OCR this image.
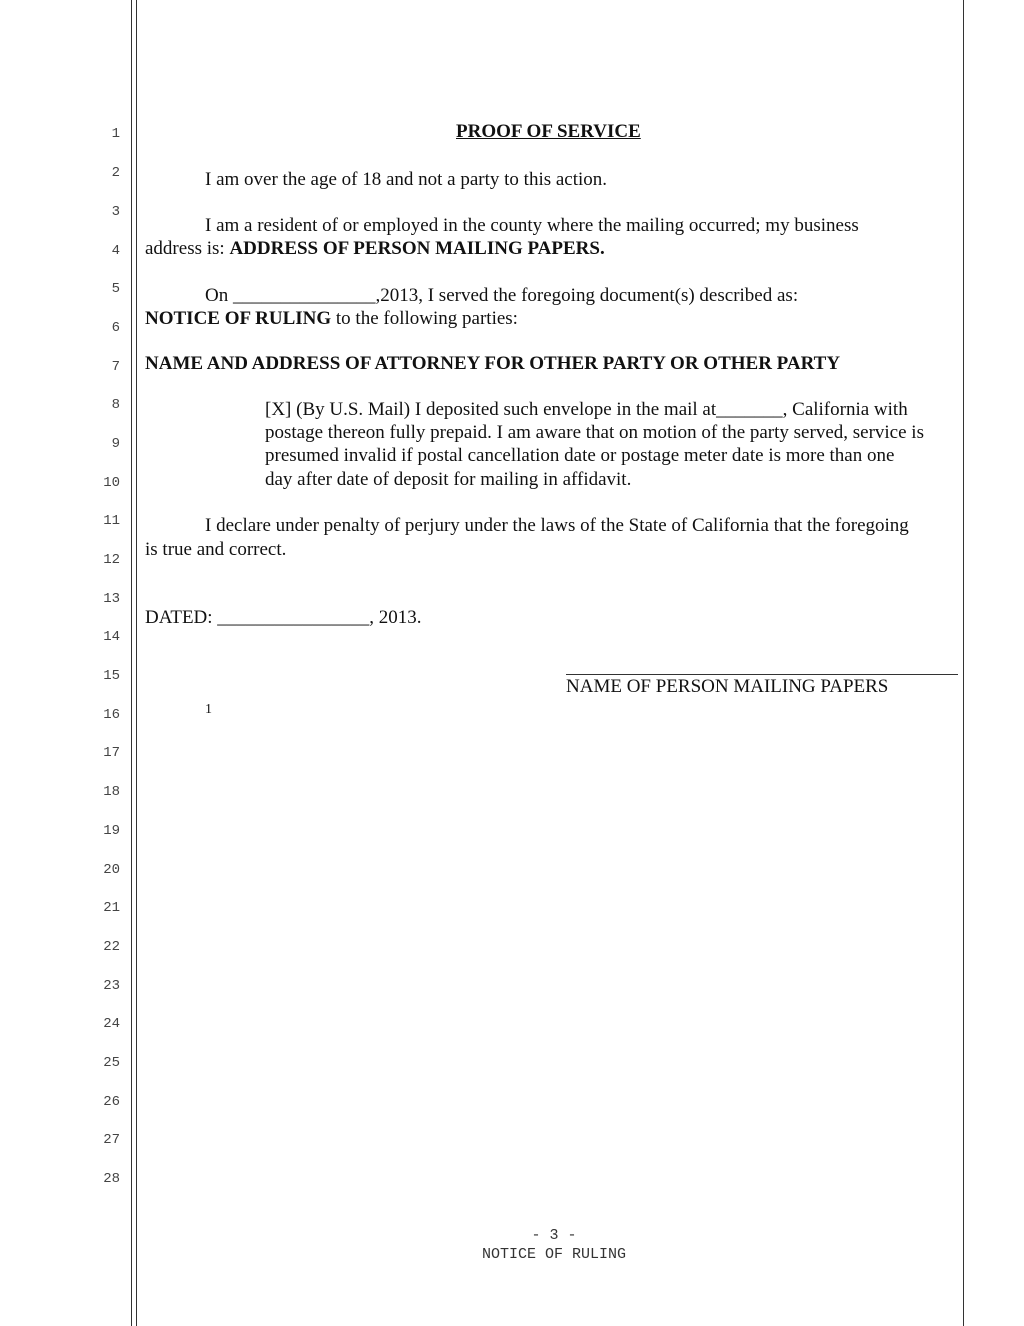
1
2
3
4
5
6
7
8
9
10
11
12
13
14
15
16
17
18
19
20
21
22
23
24
25
26
27
28
PROOF OF SERVICE
I am over the age of 18 and not a party to this action.
I am a resident of or employed in the county where the mailing occurred; my business
address is: ADDRESS OF PERSON MAILING PAPERS.
On _______________,2013, I served the foregoing document(s) described as:
NOTICE OF RULING to the following parties:
NAME AND ADDRESS OF ATTORNEY FOR OTHER PARTY OR OTHER PARTY
[X] (By U.S. Mail) I deposited such envelope in the mail at_______, California with
postage thereon fully prepaid. I am aware that on motion of the party served, service is
presumed invalid if postal cancellation date or postage meter date is more than one
day after date of deposit for mailing in affidavit.
I declare under penalty of perjury under the laws of the State of California that the foregoing
is true and correct.
DATED: ________________, 2013.
NAME OF PERSON MAILING PAPERS
1
- 3 -
NOTICE OF RULING
